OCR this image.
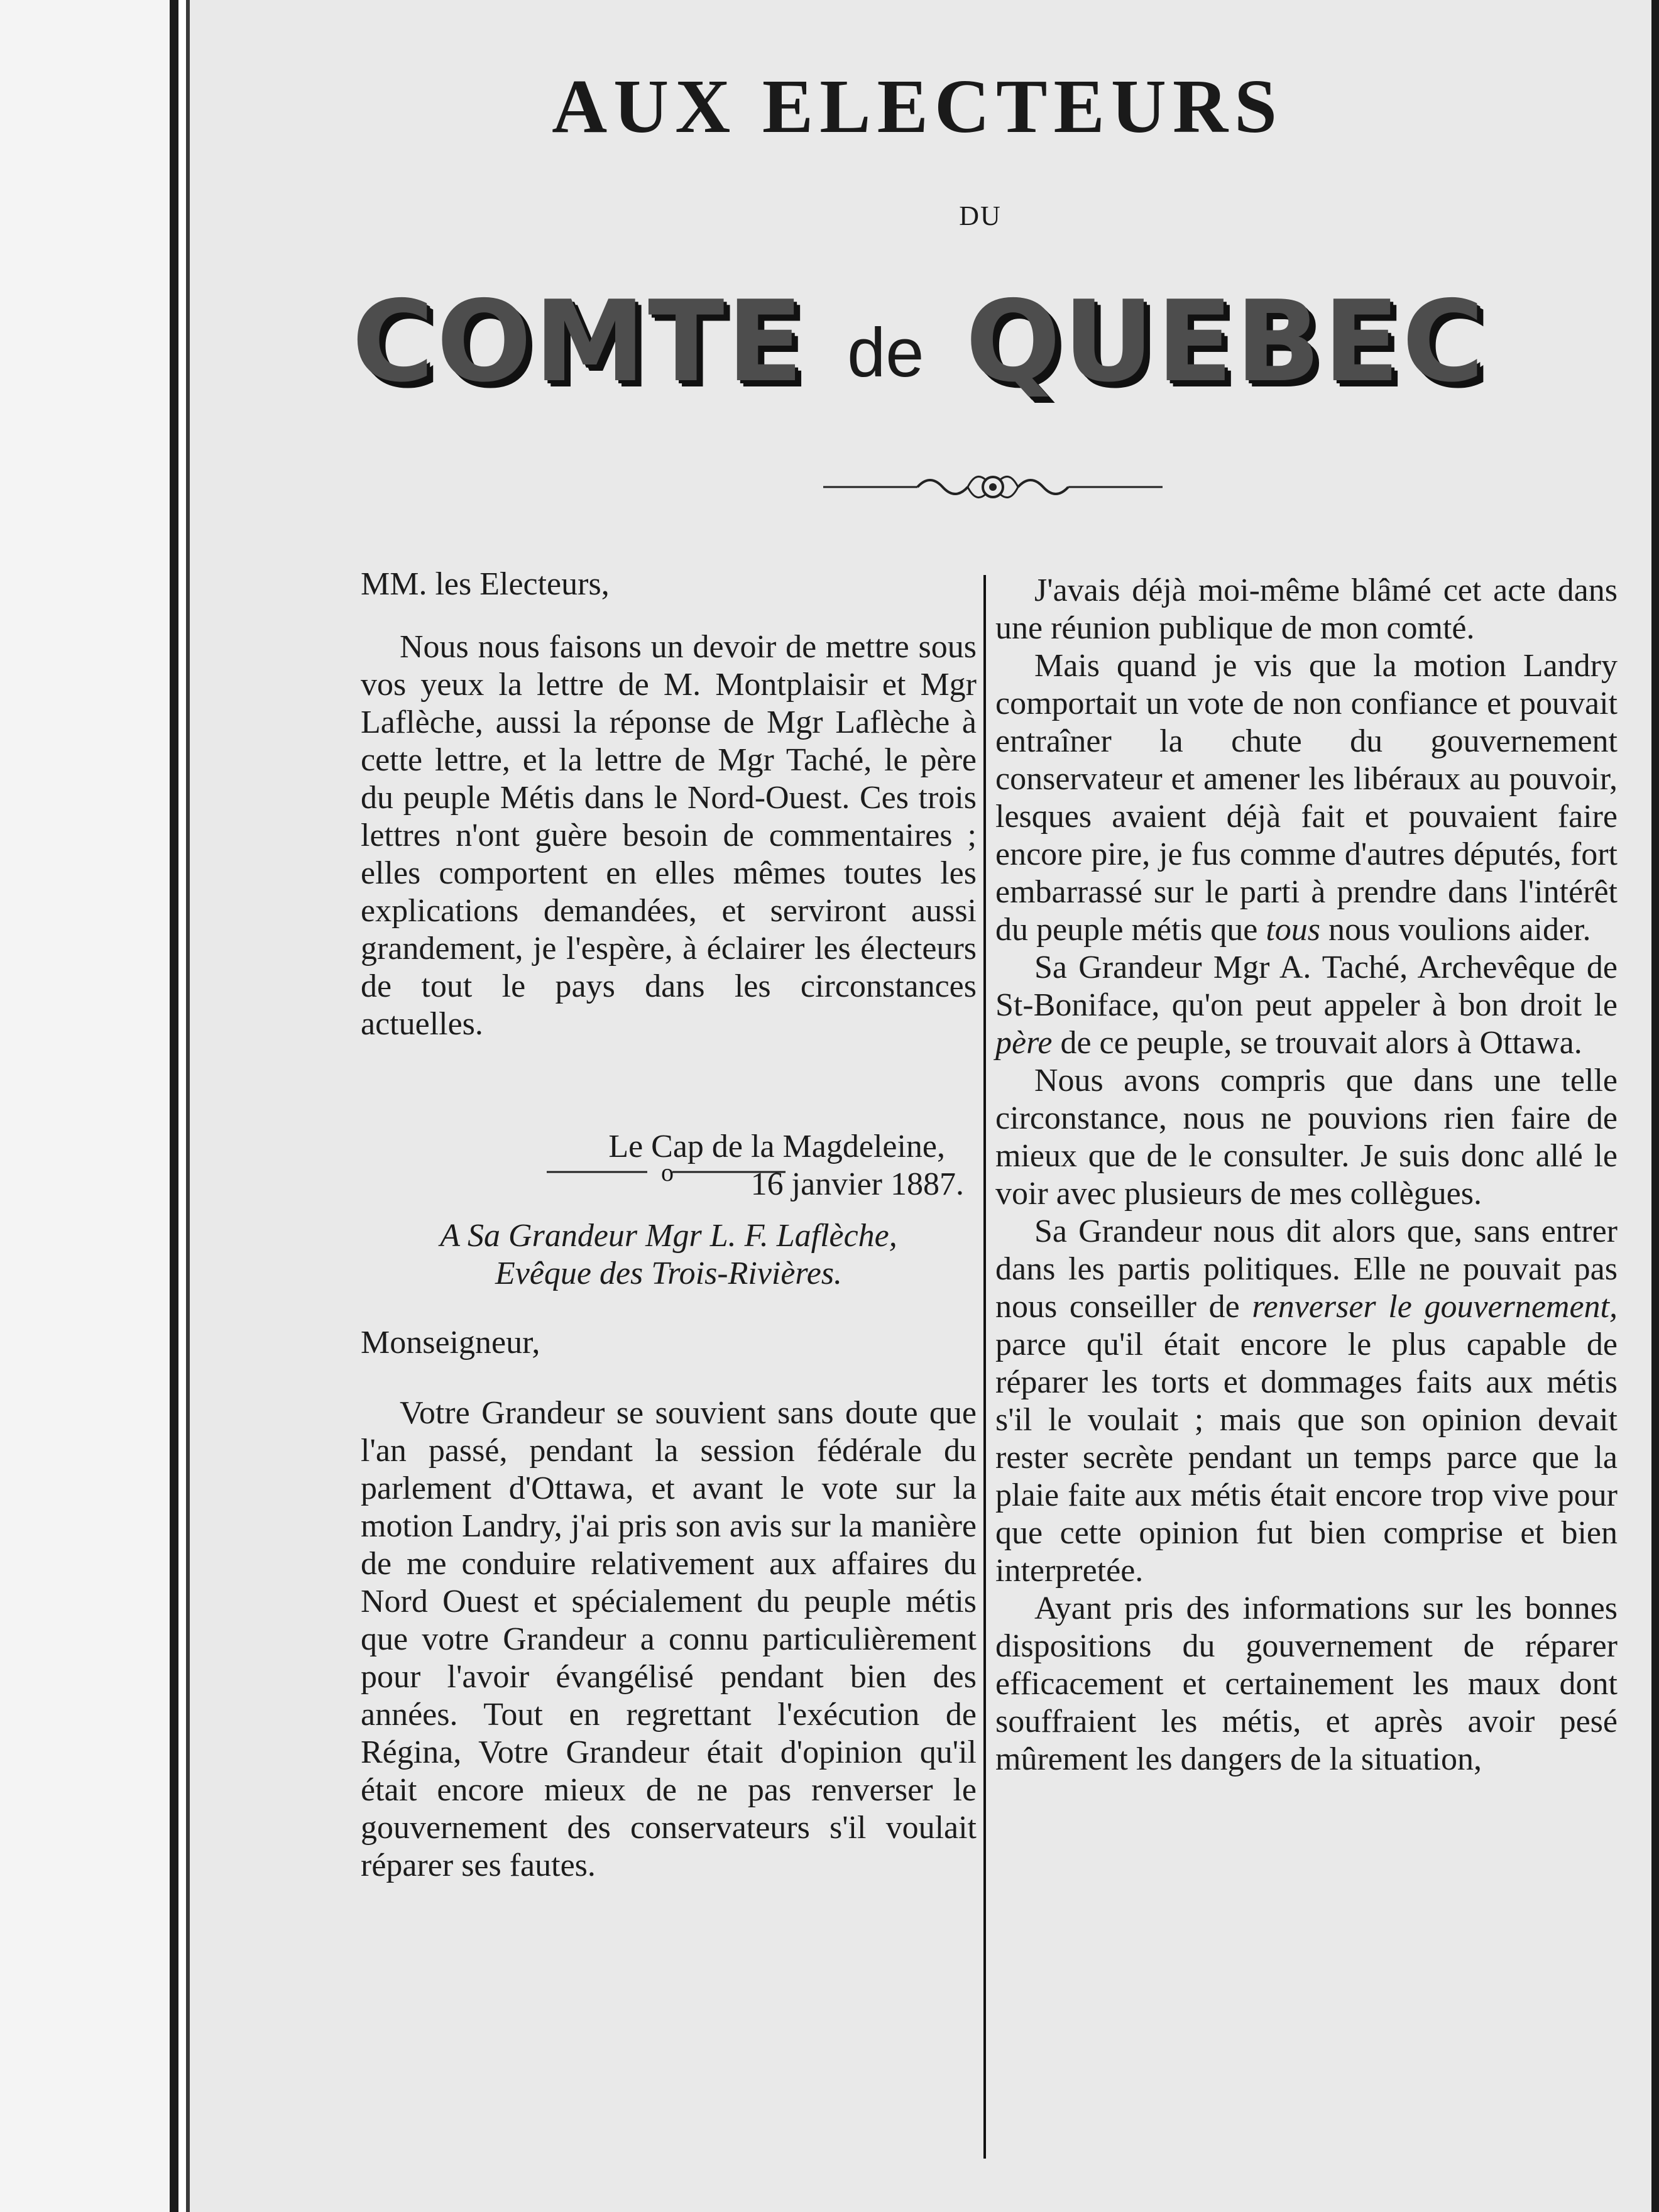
AUX ELECTEURS
DU
COMTE de QUEBEC

MM. les Electeurs,

Nous nous faisons un devoir de mettre sous vos yeux la lettre de M. Montplaisir et Mgr Laflèche, aussi la réponse de Mgr Laflèche à cette lettre, et la lettre de Mgr Taché, le père du peuple Métis dans le Nord-Ouest. Ces trois lettres n'ont guère besoin de commentaires ; elles comportent en elles mêmes toutes les explications demandées, et serviront aussi grandement, je l'espère, à éclairer les électeurs de tout le pays dans les circonstances actuelles.

Le Cap de la Magdeleine,

16 janvier 1887.

A Sa Grandeur Mgr L. F. Laflèche,

Evêque des Trois-Rivières.

Monseigneur,

Votre Grandeur se souvient sans doute que l'an passé, pendant la session fédérale du parlement d'Ottawa, et avant le vote sur la motion Landry, j'ai pris son avis sur la manière de me conduire relativement aux affaires du Nord Ouest et spécialement du peuple métis que votre Grandeur a connu particulièrement pour l'avoir évangélisé pendant bien des années. Tout en regrettant l'exécution de Régina, Votre Grandeur était d'opinion qu'il était encore mieux de ne pas renverser le gouvernement des conservateurs s'il voulait réparer ses fautes.

o

J'avais déjà moi-même blâmé cet acte dans une réunion publique de mon comté.

Mais quand je vis que la motion Landry comportait un vote de non confiance et pouvait entraîner la chute du gouvernement conservateur et amener les libéraux au pouvoir, lesques avaient déjà fait et pouvaient faire encore pire, je fus comme d'autres députés, fort embarrassé sur le parti à prendre dans l'intérêt du peuple métis que tous nous voulions aider.

Sa Grandeur Mgr A. Taché, Archevêque de St-Boniface, qu'on peut appeler à bon droit le père de ce peuple, se trouvait alors à Ottawa.

Nous avons compris que dans une telle circonstance, nous ne pouvions rien faire de mieux que de le consulter. Je suis donc allé le voir avec plusieurs de mes collègues.

Sa Grandeur nous dit alors que, sans entrer dans les partis politiques. Elle ne pouvait pas nous conseiller de renverser le gouvernement, parce qu'il était encore le plus capable de réparer les torts et dommages faits aux métis s'il le voulait ; mais que son opinion devait rester secrète pendant un temps parce que la plaie faite aux métis était encore trop vive pour que cette opinion fut bien comprise et bien interpretée.

Ayant pris des informations sur les bonnes dispositions du gouvernement de réparer efficacement et certainement les maux dont souffraient les métis, et après avoir pesé mûrement les dangers de la situation,
